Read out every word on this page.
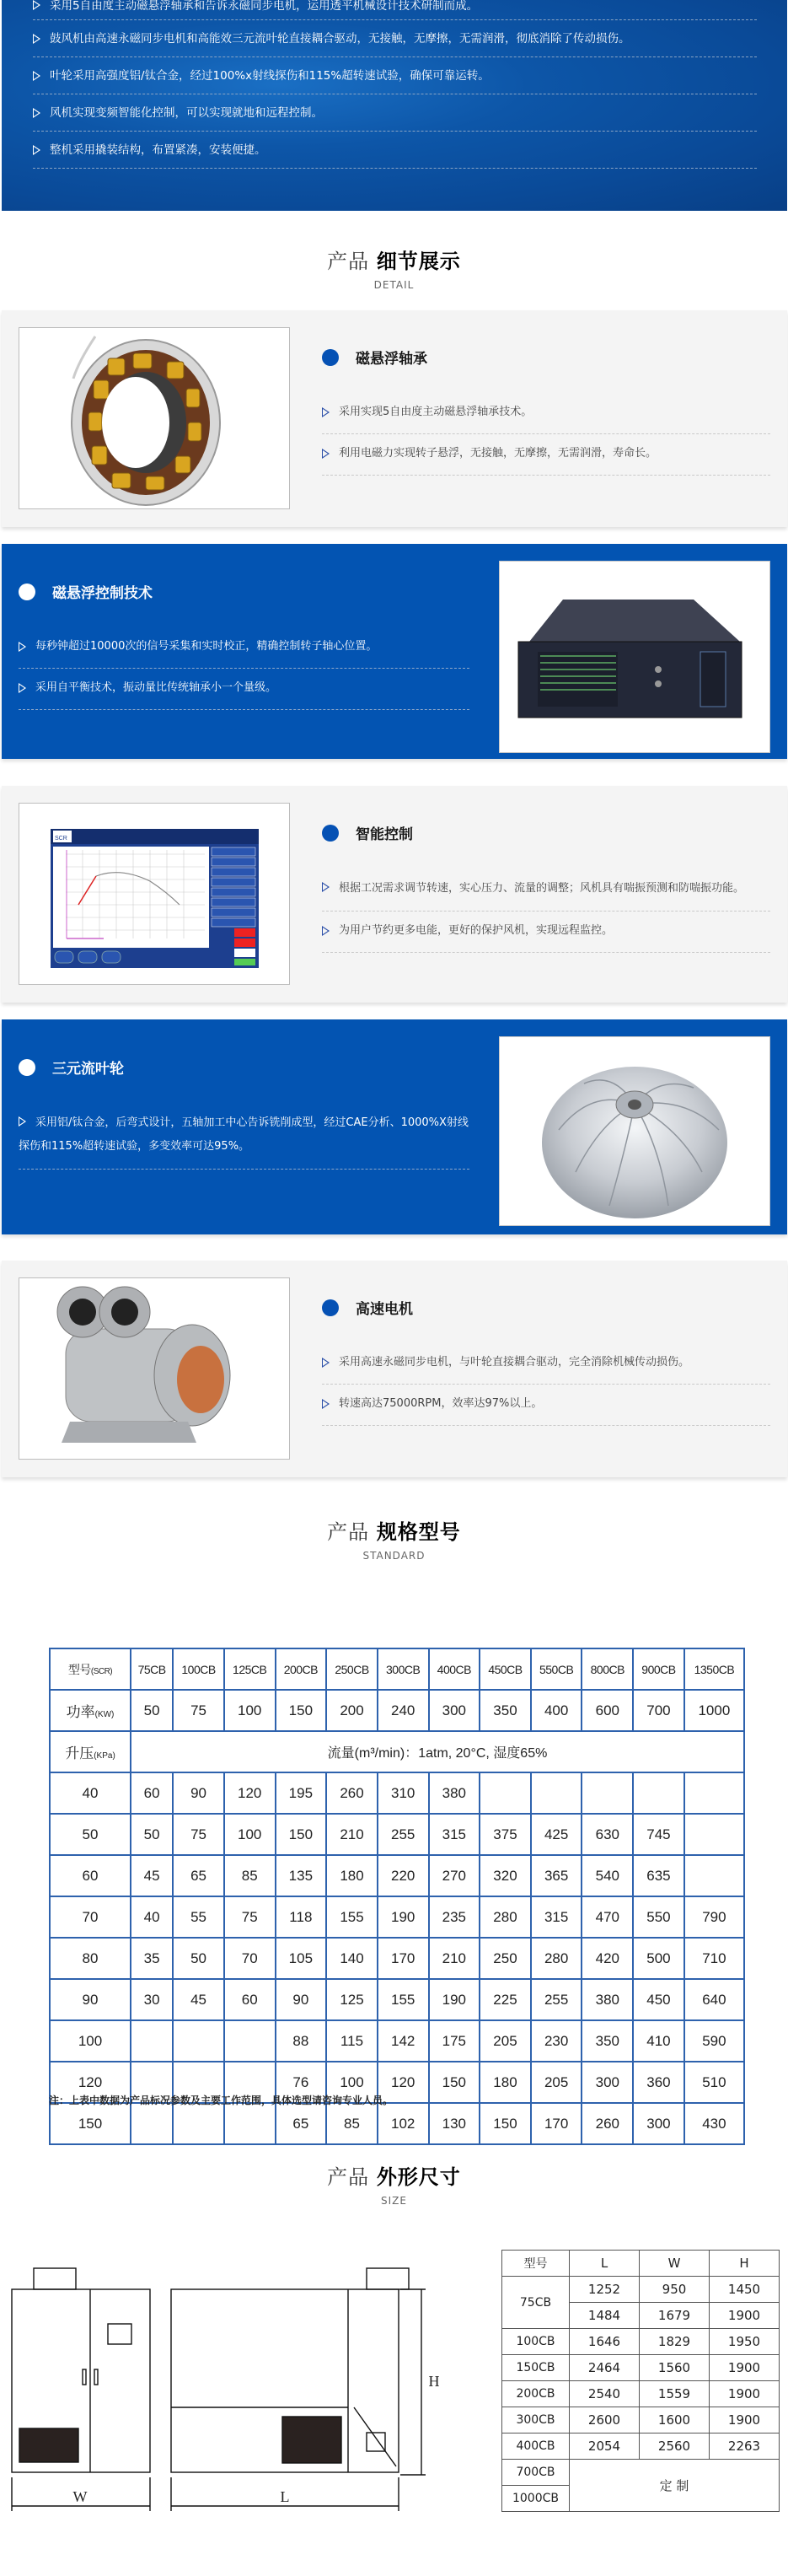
采用5自由度主动磁悬浮轴承和告诉永磁同步电机，运用透平机械设计技术研制而成。
鼓风机由高速永磁同步电机和高能效三元流叶轮直接耦合驱动，无接触，无摩擦，无需润滑，彻底消除了传动损伤。
叶轮采用高强度铝/钛合金，经过100%x射线探伤和115%超转速试验，确保可靠运转。
风机实现变频智能化控制，可以实现就地和远程控制。
整机采用撬装结构，布置紧凑，安装便捷。
产品 细节展示
DETAIL
磁悬浮轴承
采用实现5自由度主动磁悬浮轴承技术。
利用电磁力实现转子悬浮，无接触，无摩擦，无需润滑，寿命长。
磁悬浮控制技术
每秒钟超过10000次的信号采集和实时校正，精确控制转子轴心位置。
采用自平衡技术，振动量比传统轴承小一个量级。
SCR	智能控制
根据工况需求调节转速，实心压力、流量的调整；风机具有喘振预测和防喘振功能。
为用户节约更多电能，更好的保护风机，实现远程监控。
三元流叶轮
采用铝/钛合金，后弯式设计，五轴加工中心告诉铣削成型，经过CAE分析、1000%X射线探伤和115%超转速试验，多变效率可达95%。
高速电机
采用高速永磁同步电机，与叶轮直接耦合驱动，完全消除机械传动损伤。
转速高达75000RPM，效率达97%以上。
产品 规格型号
STANDARD
型号(SCR)	75CB	100CB	125CB	200CB	250CB	300CB	400CB	450CB	550CB	800CB	900CB	1350CB
功率(KW)	50	75	100	150	200	240	300	350	400	600	700	1000
升压(KPa)	流量(m³/min)：1atm, 20°C, 湿度65%											
40	60	90	120	195	260	310	380					
50	50	75	100	150	210	255	315	375	425	630	745	
60	45	65	85	135	180	220	270	320	365	540	635	
70	40	55	75	118	155	190	235	280	315	470	550	790
80	35	50	70	105	140	170	210	250	280	420	500	710
90	30	45	60	90	125	155	190	225	255	380	450	640
100				88	115	142	175	205	230	350	410	590
120				76	100	120	150	180	205	300	360	510
150				65	85	102	130	150	170	260	300	430
注：上表中数据为产品标况参数及主要工作范围，具体选型请咨询专业人员。
产品 外形尺寸
SIZE
W	L
H
型号	L	W	H
75CB	1252	950	1450
	1484	1679	1900
100CB	1646	1829	1950
150CB	2464	1560	1900
200CB	2540	1559	1900
300CB	2600	1600	1900
400CB	2054	2560	2263
700CB	定 制		
1000CB			
